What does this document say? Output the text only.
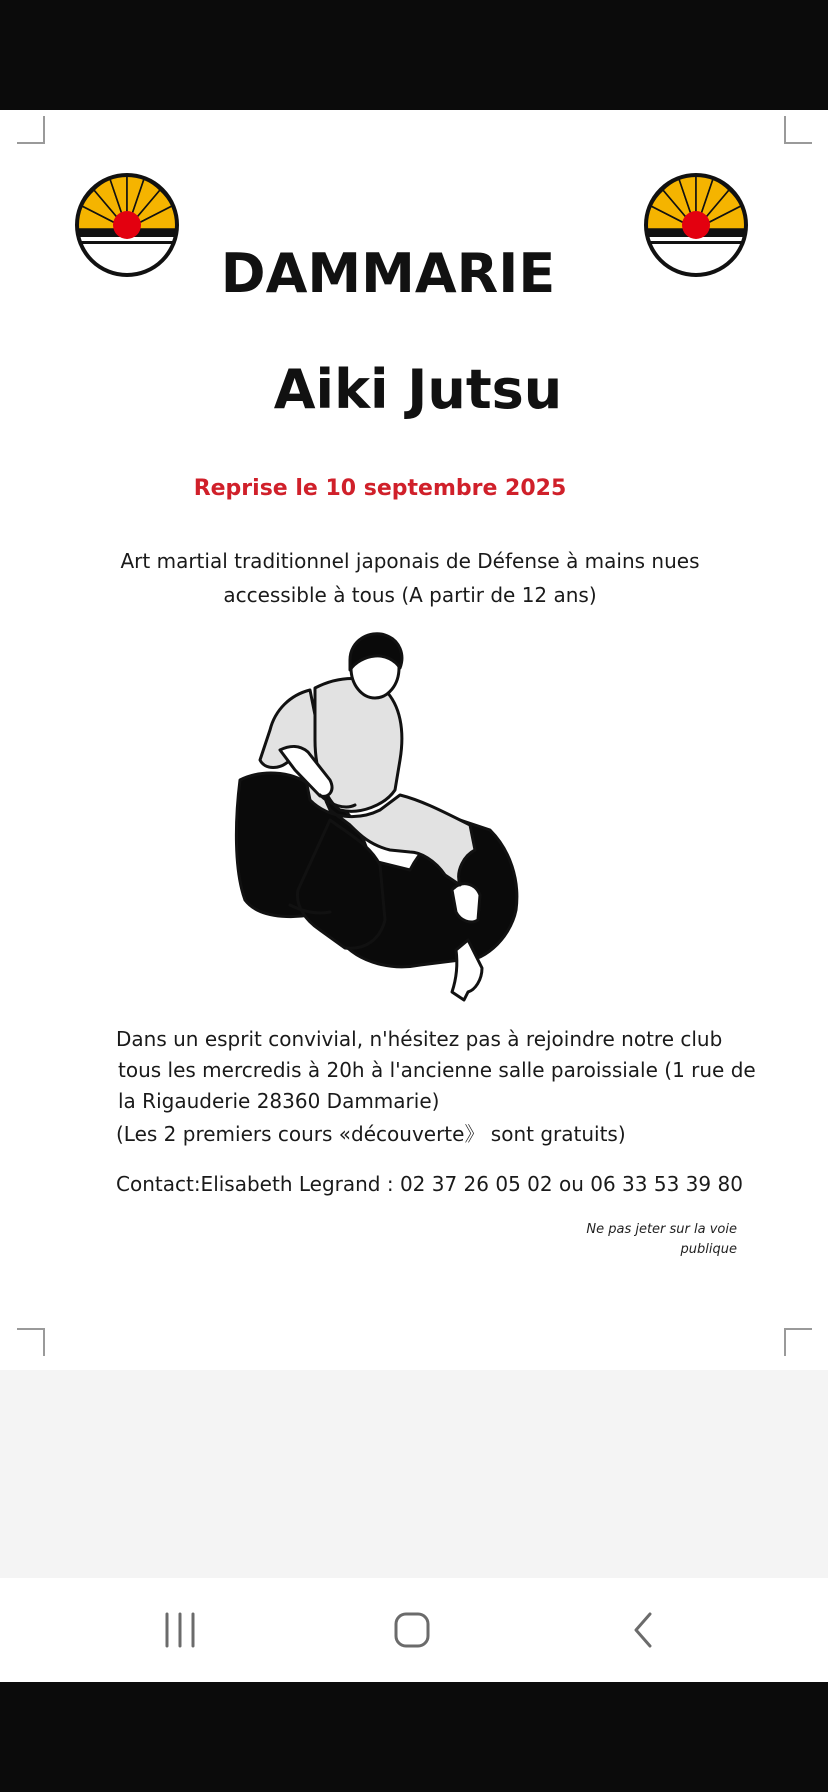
DAMMARIE
Aiki Jutsu
Reprise le 10 septembre 2025
Art martial traditionnel japonais de Défense à mains nues
accessible à tous (A partir de 12 ans)

Dans un esprit convivial, n'hésitez pas à rejoindre notre club

tous les mercredis à 20h à l'ancienne salle paroissiale (1 rue de

la Rigauderie 28360 Dammarie)

(Les 2 premiers cours «découverte》 sont gratuits)

Contact:Elisabeth Legrand : 02 37 26 05 02 ou 06 33 53 39 80
Ne pas jeter sur la voie
publique
